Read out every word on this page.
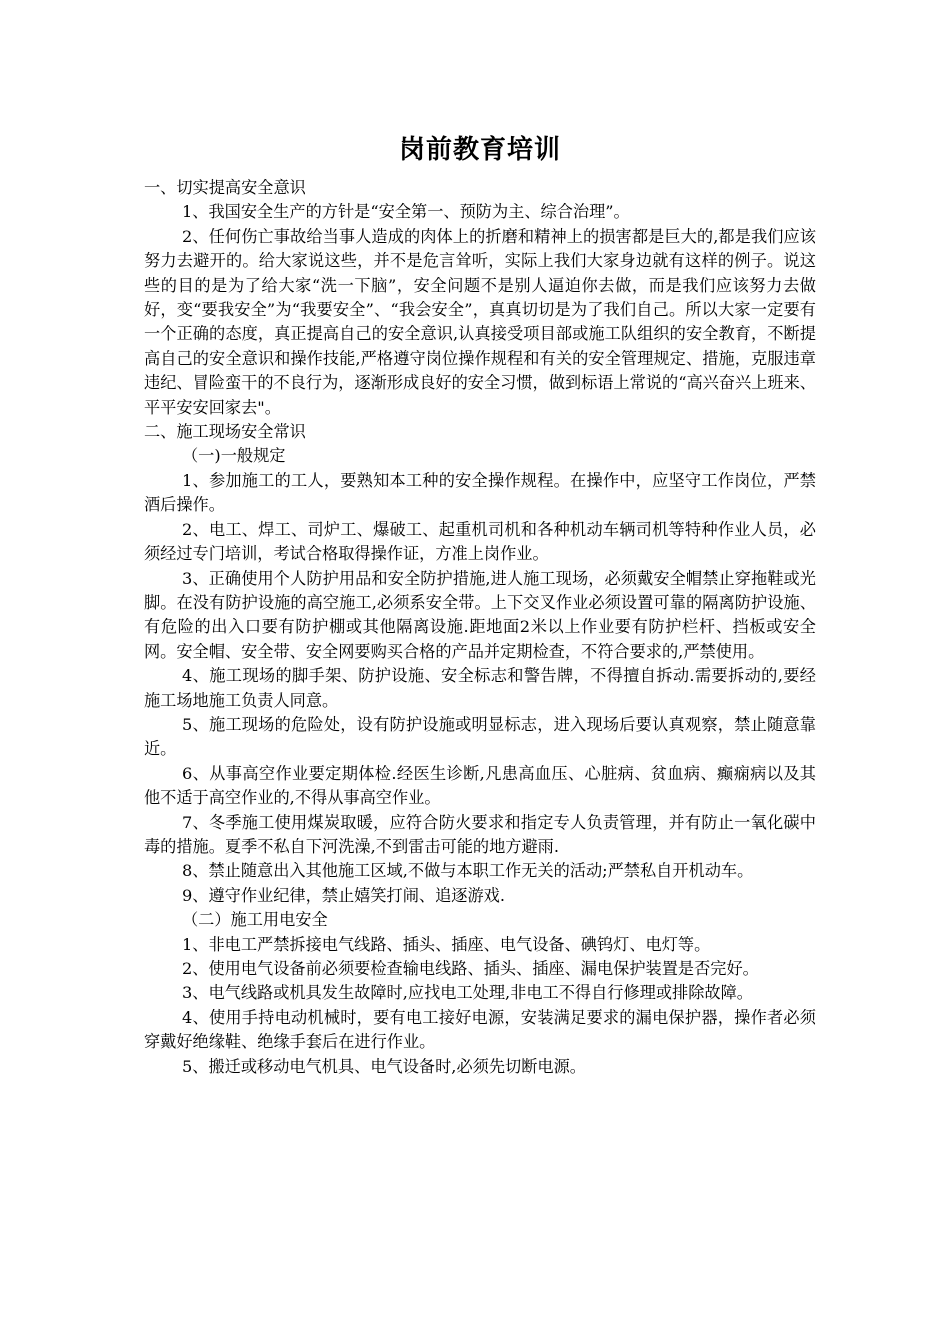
岗前教育培训

一、切实提高安全意识

1、我国安全生产的方针是“安全第一、预防为主、综合治理”。

2、任何伤亡事故给当事人造成的肉体上的折磨和精神上的损害都是巨大的,都是我们应该努力去避开的。给大家说这些，并不是危言耸听，实际上我们大家身边就有这样的例子。说这些的目的是为了给大家“洗一下脑”，安全问题不是别人逼迫你去做，而是我们应该努力去做好，变“要我安全”为“我要安全”、“我会安全”，真真切切是为了我们自己。所以大家一定要有一个正确的态度，真正提高自己的安全意识,认真接受项目部或施工队组织的安全教育，不断提高自己的安全意识和操作技能,严格遵守岗位操作规程和有关的安全管理规定、措施，克服违章违纪、冒险蛮干的不良行为，逐渐形成良好的安全习惯，做到标语上常说的“高兴奋兴上班来、平平安安回家去"。

二、施工现场安全常识

（一)一般规定

1、参加施工的工人，要熟知本工种的安全操作规程。在操作中，应坚守工作岗位，严禁酒后操作。

2、电工、焊工、司炉工、爆破工、起重机司机和各种机动车辆司机等特种作业人员，必须经过专门培训，考试合格取得操作证，方准上岗作业。

3、正确使用个人防护用品和安全防护措施,进人施工现场，必须戴安全帽禁止穿拖鞋或光脚。在没有防护设施的高空施工,必须系安全带。上下交叉作业必须设置可靠的隔离防护设施、有危险的出入口要有防护棚或其他隔离设施.距地面2米以上作业要有防护栏杆、挡板或安全网。安全帽、安全带、安全网要购买合格的产品并定期检查，不符合要求的,严禁使用。

4、施工现场的脚手架、防护设施、安全标志和警告牌，不得擅自拆动.需要拆动的,要经施工场地施工负责人同意。

5、施工现场的危险处，设有防护设施或明显标志，进入现场后要认真观察，禁止随意靠近。

6、从事高空作业要定期体检.经医生诊断,凡患高血压、心脏病、贫血病、癫痫病以及其他不适于高空作业的,不得从事高空作业。

7、冬季施工使用煤炭取暖，应符合防火要求和指定专人负责管理，并有防止一氧化碳中毒的措施。夏季不私自下河洗澡,不到雷击可能的地方避雨.

8、禁止随意出入其他施工区域,不做与本职工作无关的活动;严禁私自开机动车。

9、遵守作业纪律，禁止嬉笑打闹、追逐游戏.

（二）施工用电安全

1、非电工严禁拆接电气线路、插头、插座、电气设备、碘钨灯、电灯等。

2、使用电气设备前必须要检查输电线路、插头、插座、漏电保护装置是否完好。

3、电气线路或机具发生故障时,应找电工处理,非电工不得自行修理或排除故障。

4、使用手持电动机械时，要有电工接好电源，安装满足要求的漏电保护器，操作者必须穿戴好绝缘鞋、绝缘手套后在进行作业。

5、搬迁或移动电气机具、电气设备时,必须先切断电源。
